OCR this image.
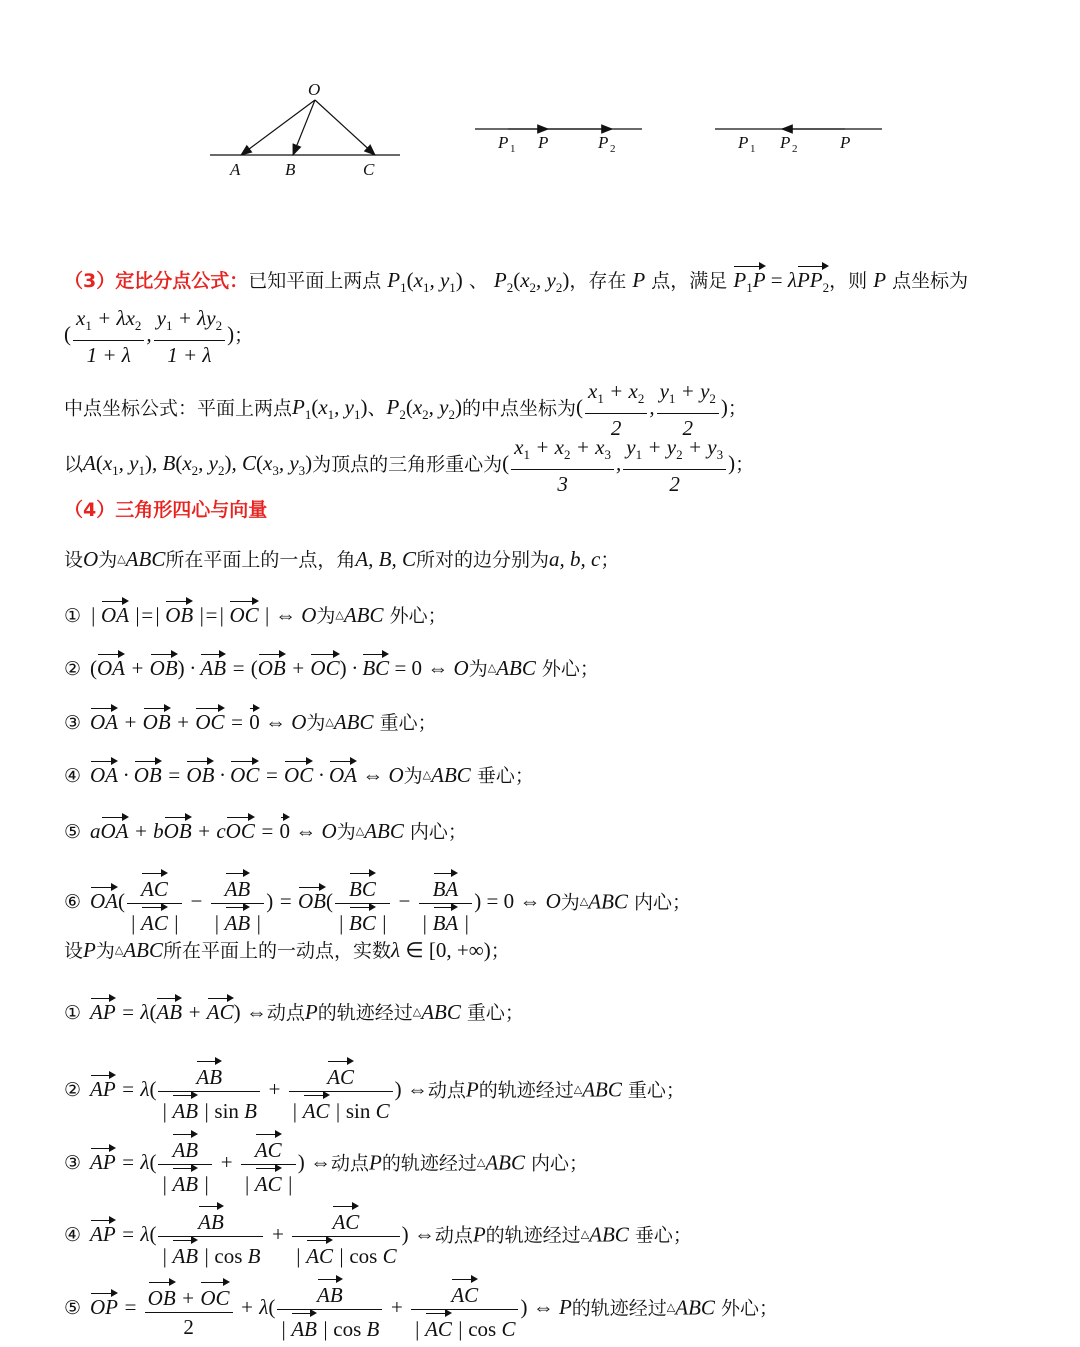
O
A	B	C
P 1 P	P 2	P 1 P 2	P
（3）定比分点公式：已知平面上两点 $P_1(x_1$, $y_1$) 、 $P_2(x_2$, $y_2$)，存在 P 点，满足 $P_1P = \lambda PP_2$，则 P 点坐标为
( $\frac{x_1 + \lambda x_2}{1 + \lambda}$ , $\frac{y_1 + \lambda y_2}{1 + \lambda}$ )；
中点坐标公式：平面上两点$P_1(x_1$, $y_1$)、$P_2(x_2$, $y_2$)的中点坐标为( $\frac{x_1 + x_2}{2}$ , $\frac{y_1 + y_2}{2}$ )；
以$A(x_1$, $y_1$), $B(x_2$, $y_2$), $C(x_3$, $y_3$)为顶点的三角形重心为( $\frac{x_1 + x_2 + x_3}{3}$ , $\frac{y_1 + y_2 + y_3}{2}$ )；
（4）三角形四心与向量
设O为△ABC所在平面上的一点，角A, B, C所对的边分别为a, b, c；
① | OA |=| OB |=| OC | ⇔ O为△ABC 外心；
② (OA + OB) · AB = (OB + OC) · BC = 0 ⇔ O为△ABC 外心；
③ OA + OB + OC = 0 ⇔ O为△ABC 重心；
④ OA · OB = OB · OC = OC · OA ⇔ O为△ABC 垂心；
⑤ aOA + bOB + cOC = 0 ⇔ O为△ABC 内心；
⑥ $OA( \frac{AC}{| AC |} - \frac{AB}{| AB |}$ ) = $OB( \frac{BC}{| BC |} - \frac{BA}{| BA |}$ ) = 0 ⇔ O为△ABC 内心；
设P为△ABC所在平面上的一动点，实数λ ∈ [0, +∞)；
① AP = λ(AB + AC) ⇔动点P的轨迹经过△ABC 重心；
② AP = $\lambda( \frac{AB}{\text{| AB | sin B}} + \frac{AC}{\text{| AC | sin C}}$ ) ⇔动点P的轨迹经过△ABC 重心；
③ AP = $\lambda( \frac{AB}{| AB |} + \frac{AC}{| AC |}$ ) ⇔动点P的轨迹经过△ABC 内心；
④ AP = $\lambda( \frac{AB}{\text{| AB | cos B}} + \frac{AC}{\text{| AC | cos C}}$ ) ⇔动点P的轨迹经过△ABC 垂心；
⑤ OP = $\frac{OB + OC}{2} + \lambda( \frac{AB}{\text{| AB | cos B}} + \frac{AC}{\text{| AC | cos C}}$ ) ⇔ P的轨迹经过△ABC 外心；
